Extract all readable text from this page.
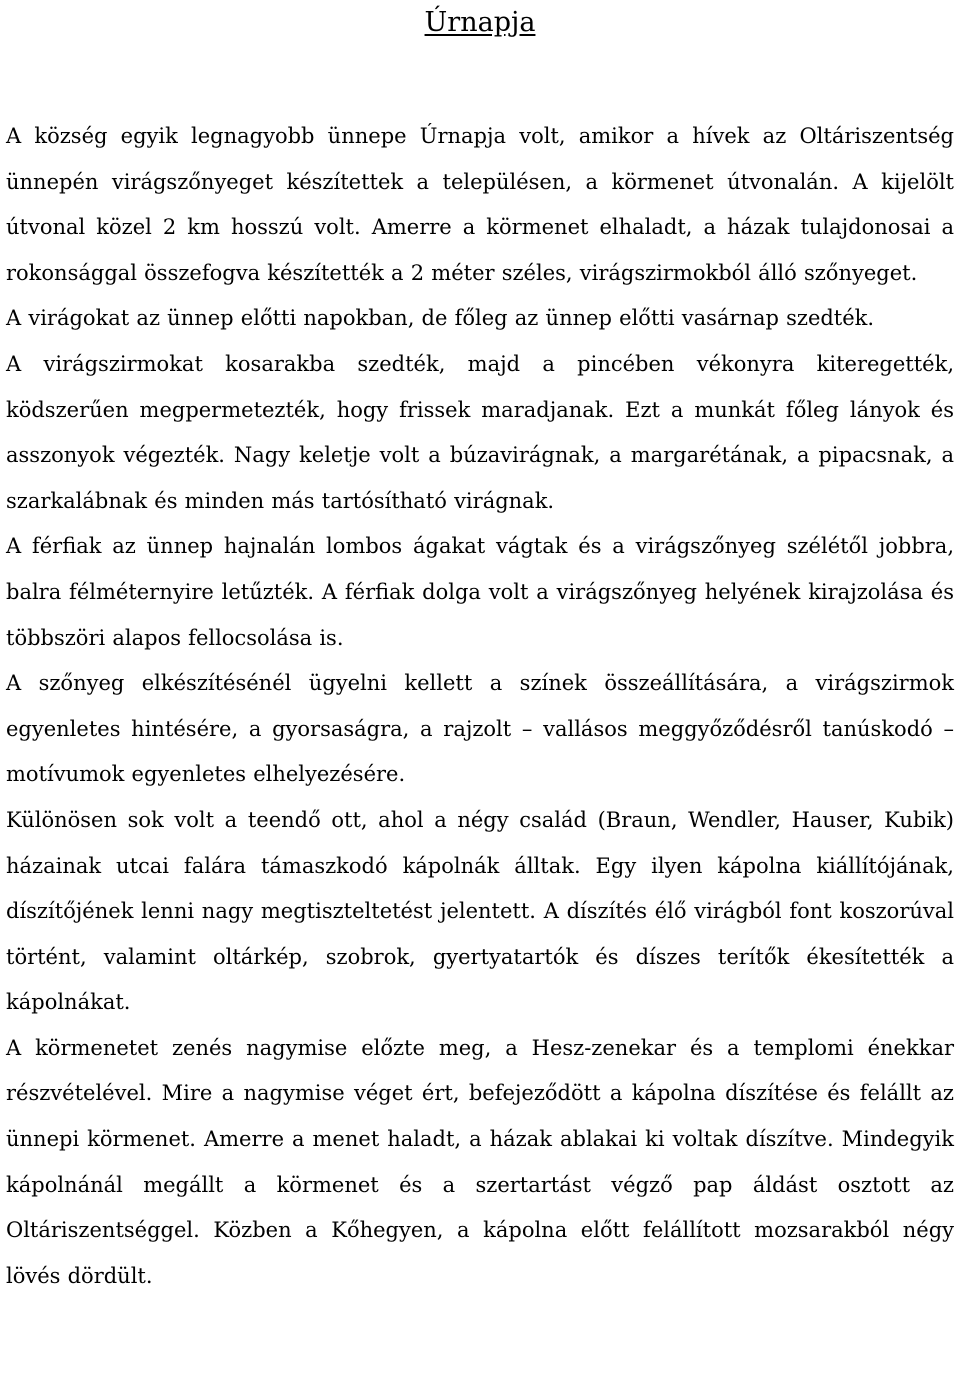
Úrnapja

A község egyik legnagyobb ünnepe Úrnapja volt, amikor a hívek az Oltáriszentség ünnepén virágszőnyeget készítettek a településen, a körmenet útvonalán. A kijelölt útvonal közel 2 km hosszú volt. Amerre a körmenet elhaladt, a házak tulajdonosai a rokonsággal összefogva készítették a 2 méter széles, virágszirmokból álló szőnyeget.

A virágokat az ünnep előtti napokban, de főleg az ünnep előtti vasárnap szedték.

A virágszirmokat kosarakba szedték, majd a pincében vékonyra kiteregették, ködszerűen megpermetezték, hogy frissek maradjanak. Ezt a munkát főleg lányok és asszonyok végezték. Nagy keletje volt a búzavirágnak, a margarétának, a pipacsnak, a szarkalábnak és minden más tartósítható virágnak.

A férfiak az ünnep hajnalán lombos ágakat vágtak és a virágszőnyeg szélétől jobbra, balra félméternyire letűzték. A férfiak dolga volt a virágszőnyeg helyének kirajzolása és többszöri alapos fellocsolása is.

A szőnyeg elkészítésénél ügyelni kellett a színek összeállítására, a virágszirmok egyenletes hintésére, a gyorsaságra, a rajzolt – vallásos meggyőződésről tanúskodó – motívumok egyenletes elhelyezésére.

Különösen sok volt a teendő ott, ahol a négy család (Braun, Wendler, Hauser, Kubik) házainak utcai falára támaszkodó kápolnák álltak. Egy ilyen kápolna kiállítójának, díszítőjének lenni nagy megtiszteltetést jelentett. A díszítés élő virágból font koszorúval történt, valamint oltárkép, szobrok, gyertyatartók és díszes terítők ékesítették a kápolnákat.

A körmenetet zenés nagymise előzte meg, a Hesz-zenekar és a templomi énekkar részvételével. Mire a nagymise véget ért, befejeződött a kápolna díszítése és felállt az ünnepi körmenet. Amerre a menet haladt, a házak ablakai ki voltak díszítve. Mindegyik kápolnánál megállt a körmenet és a szertartást végző pap áldást osztott az Oltáriszentséggel. Közben a Kőhegyen, a kápolna előtt felállított mozsarakból négy lövés dördült.
